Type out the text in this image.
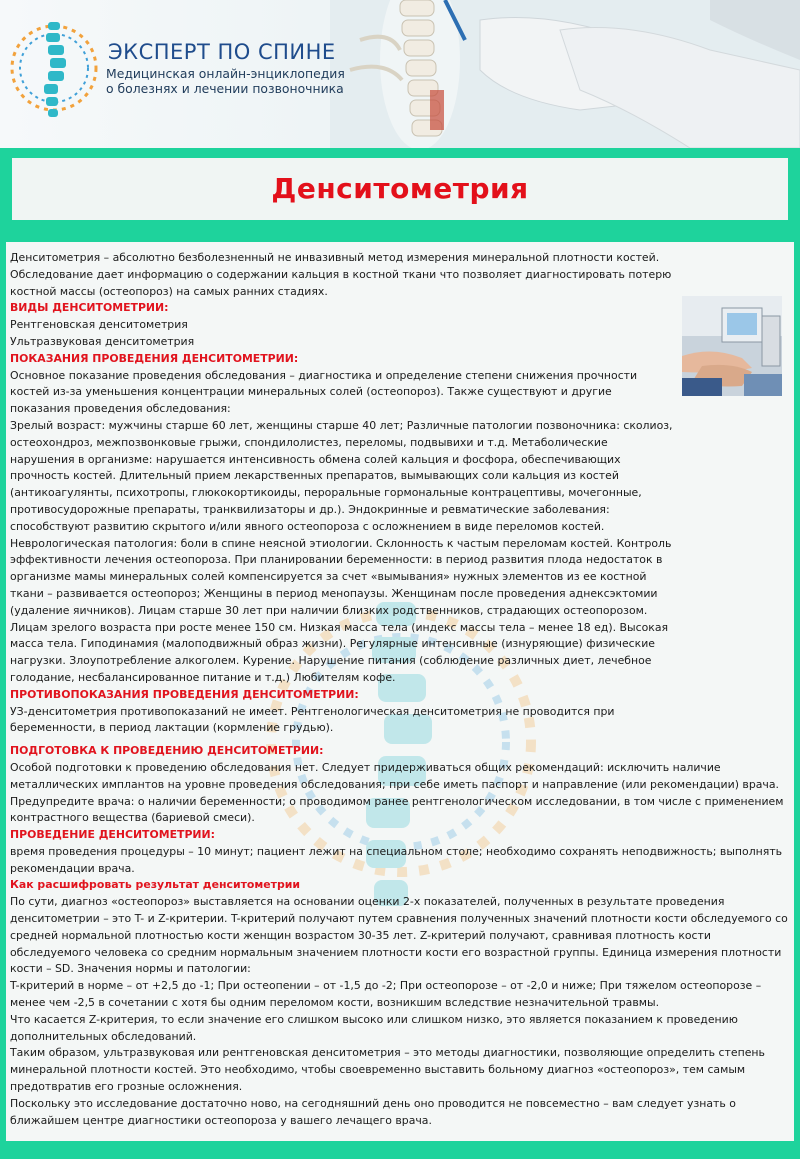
ЭКСПЕРТ ПО СПИНЕ
Медицинская онлайн-энциклопедия о болезнях и лечении позвоночника
Денситометрия

Денситометрия – абсолютно безболезненный не инвазивный метод измерения минеральной плотности костей. Обследование дает информацию о содержании кальция в костной ткани что позволяет диагностировать потерю костной массы (остеопороз) на самых ранних стадиях.

ВИДЫ ДЕНСИТОМЕТРИИ:

Рентгеновская денситометрия

Ультразвуковая денситометрия

ПОКАЗАНИЯ ПРОВЕДЕНИЯ ДЕНСИТОМЕТРИИ:

Основное показание проведения обследования – диагностика и определение степени снижения прочности костей из-за уменьшения концентрации минеральных солей (остеопороз). Также существуют и другие показания проведения обследования:

Зрелый возраст: мужчины старше 60 лет, женщины старше 40 лет; Различные патологии позвоночника: сколиоз, остеохондроз, межпозвонковые грыжи, спондилолистез, переломы, подвывихи и т.д. Метаболические нарушения в организме: нарушается интенсивность обмена солей кальция и фосфора, обеспечивающих прочность костей. Длительный прием лекарственных препаратов, вымывающих соли кальция из костей (антикоагулянты, психотропы, глюкокортикоиды, пероральные гормональные контрацептивы, мочегонные, противосудорожные препараты, транквилизаторы и др.). Эндокринные и ревматические заболевания: способствуют развитию скрытого и/или явного остеопороза с осложнением в виде переломов костей. Неврологическая патология: боли в спине неясной этиологии. Склонность к частым переломам костей. Контроль эффективности лечения остеопороза. При планировании беременности: в период развития плода недостаток в организме мамы минеральных солей компенсируется за счет «вымывания» нужных элементов из ее костной ткани – развивается остеопороз; Женщины в период менопаузы. Женщинам после проведения аднексэктомии (удаление яичников). Лицам старше 30 лет при наличии близких родственников, страдающих остеопорозом. Лицам зрелого возраста при росте менее 150 см. Низкая масса тела (индекс массы тела – менее 18 ед). Высокая масса тела. Гиподинамия (малоподвижный образ жизни). Регулярные интенсивные (изнуряющие) физические нагрузки. Злоупотребление алкоголем. Курение. Нарушение питания (соблюдение различных диет, лечебное голодание, несбалансированное питание и т.д.) Любителям кофе.

ПРОТИВОПОКАЗАНИЯ ПРОВЕДЕНИЯ ДЕНСИТОМЕТРИИ:

УЗ-денситометрия противопоказаний не имеет. Рентгенологическая денситометрия не проводится при беременности, в период лактации (кормление грудью).

ПОДГОТОВКА К ПРОВЕДЕНИЮ ДЕНСИТОМЕТРИИ:

Особой подготовки к проведению обследования нет. Следует придерживаться общих рекомендаций: исключить наличие металлических имплантов на уровне проведения обследования; при себе иметь паспорт и направление (или рекомендации) врача.

Предупредите врача: о наличии беременности; о проводимом ранее рентгенологическом исследовании, в том числе с применением контрастного вещества (бариевой смеси).

ПРОВЕДЕНИЕ ДЕНСИТОМЕТРИИ:

время проведения процедуры – 10 минут; пациент лежит на специальном столе; необходимо сохранять неподвижность; выполнять рекомендации врача.

Как расшифровать результат денситометрии

По сути, диагноз «остеопороз» выставляется на основании оценки 2-х показателей, полученных в результате проведения денситометрии – это T- и Z-критерии. T-критерий получают путем сравнения полученных значений плотности кости обследуемого со средней нормальной плотностью кости женщин возрастом 30-35 лет. Z-критерий получают, сравнивая плотность кости обследуемого человека со средним нормальным значением плотности кости его возрастной группы. Единица измерения плотности кости – SD. Значения нормы и патологии:

T-критерий в норме – от +2,5 до -1; При остеопении – от -1,5 до -2; При остеопорозе – от -2,0 и ниже; При тяжелом остеопорозе – менее чем -2,5 в сочетании с хотя бы одним переломом кости, возникшим вследствие незначительной травмы.

Что касается Z-критерия, то если значение его слишком высоко или слишком низко, это является показанием к проведению дополнительных обследований.

Таким образом, ультразвуковая или рентгеновская денситометрия – это методы диагностики, позволяющие определить степень минеральной плотности костей. Это необходимо, чтобы своевременно выставить больному диагноз «остеопороз», тем самым предотвратив его грозные осложнения.

Поскольку это исследование достаточно ново, на сегодняшний день оно проводится не повсеместно – вам следует узнать о ближайшем центре диагностики остеопороза у вашего лечащего врача.
